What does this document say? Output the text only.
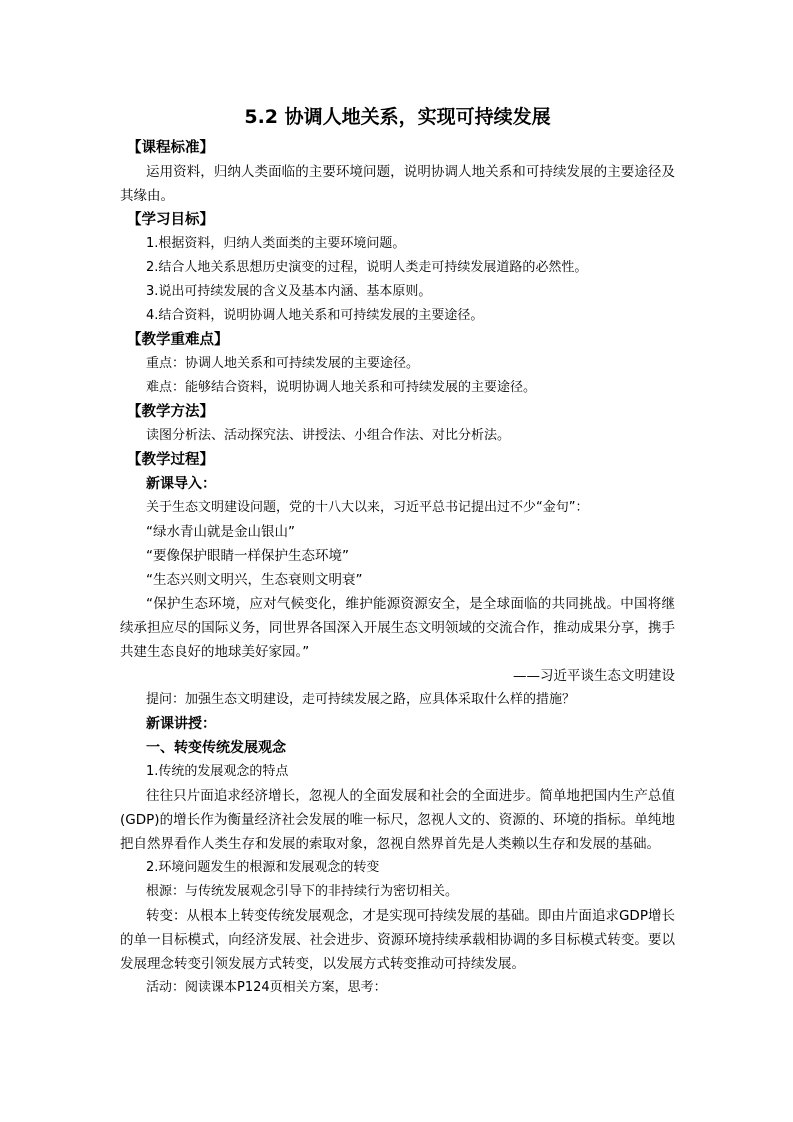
5.2 协调人地关系，实现可持续发展

【课程标准】

运用资料，归纳人类面临的主要环境问题，说明协调人地关系和可持续发展的主要途径及其缘由。

【学习目标】

1.根据资料，归纳人类面类的主要环境问题。

2.结合人地关系思想历史演变的过程，说明人类走可持续发展道路的必然性。

3.说出可持续发展的含义及基本内涵、基本原则。

4.结合资料，说明协调人地关系和可持续发展的主要途径。

【教学重难点】

重点：协调人地关系和可持续发展的主要途径。

难点：能够结合资料，说明协调人地关系和可持续发展的主要途径。

【教学方法】

读图分析法、活动探究法、讲授法、小组合作法、对比分析法。

【教学过程】

新课导入：

关于生态文明建设问题，党的十八大以来，习近平总书记提出过不少“金句”：

“绿水青山就是金山银山”

“要像保护眼睛一样保护生态环境”

“生态兴则文明兴，生态衰则文明衰”

“保护生态环境，应对气候变化，维护能源资源安全，是全球面临的共同挑战。中国将继续承担应尽的国际义务，同世界各国深入开展生态文明领域的交流合作，推动成果分享，携手共建生态良好的地球美好家园。”

——习近平谈生态文明建设

提问：加强生态文明建设，走可持续发展之路，应具体采取什么样的措施？

新课讲授：

一、转变传统发展观念

1.传统的发展观念的特点

往往只片面追求经济增长，忽视人的全面发展和社会的全面进步。简单地把国内生产总值(GDP)的增长作为衡量经济社会发展的唯一标尺，忽视人文的、资源的、环境的指标。单纯地把自然界看作人类生存和发展的索取对象，忽视自然界首先是人类赖以生存和发展的基础。

2.环境问题发生的根源和发展观念的转变

根源：与传统发展观念引导下的非持续行为密切相关。

转变：从根本上转变传统发展观念，才是实现可持续发展的基础。即由片面追求GDP增长的单一目标模式，向经济发展、社会进步、资源环境持续承载相协调的多目标模式转变。要以发展理念转变引领发展方式转变，以发展方式转变推动可持续发展。

活动：阅读课本P124页相关方案，思考：
